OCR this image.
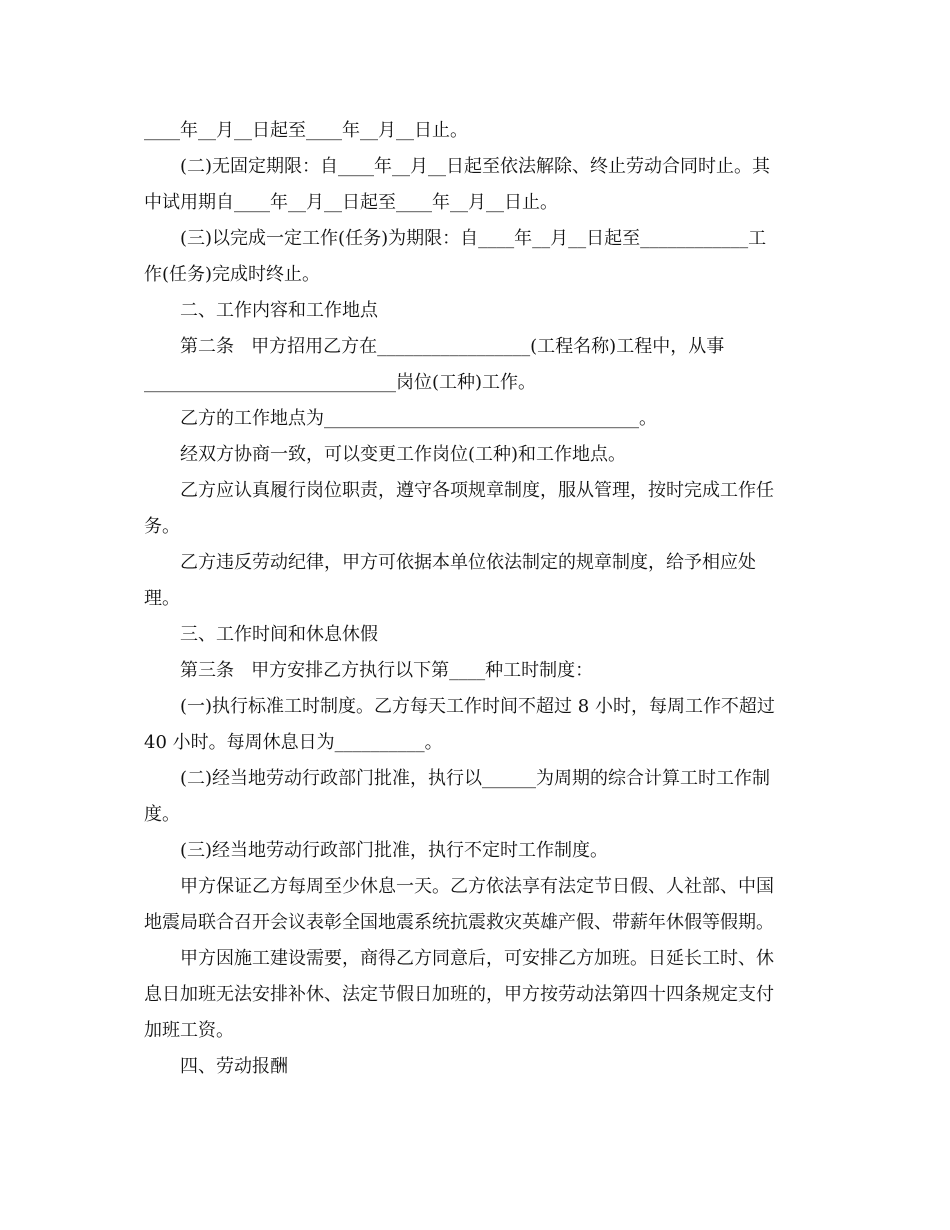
____年__月__日起至____年__月__日止。

(二)无固定期限：自____年__月__日起至依法解除、终止劳动合同时止。其

中试用期自____年__月__日起至____年__月__日止。

(三)以完成一定工作(任务)为期限：自____年__月__日起至____________工

作(任务)完成时终止。

二、工作内容和工作地点

第二条   甲方招用乙方在_________________(工程名称)工程中，从事

____________________________岗位(工种)工作。

乙方的工作地点为___________________________________。

经双方协商一致，可以变更工作岗位(工种)和工作地点。

乙方应认真履行岗位职责，遵守各项规章制度，服从管理，按时完成工作任

务。

乙方违反劳动纪律，甲方可依据本单位依法制定的规章制度，给予相应处

理。

三、工作时间和休息休假

第三条   甲方安排乙方执行以下第____种工时制度：

(一)执行标准工时制度。乙方每天工作时间不超过 8 小时，每周工作不超过

40 小时。每周休息日为__________。

(二)经当地劳动行政部门批准，执行以______为周期的综合计算工时工作制

度。

(三)经当地劳动行政部门批准，执行不定时工作制度。

甲方保证乙方每周至少休息一天。乙方依法享有法定节日假、人社部、中国

地震局联合召开会议表彰全国地震系统抗震救灾英雄产假、带薪年休假等假期。

甲方因施工建设需要，商得乙方同意后，可安排乙方加班。日延长工时、休

息日加班无法安排补休、法定节假日加班的，甲方按劳动法第四十四条规定支付

加班工资。

四、劳动报酬
